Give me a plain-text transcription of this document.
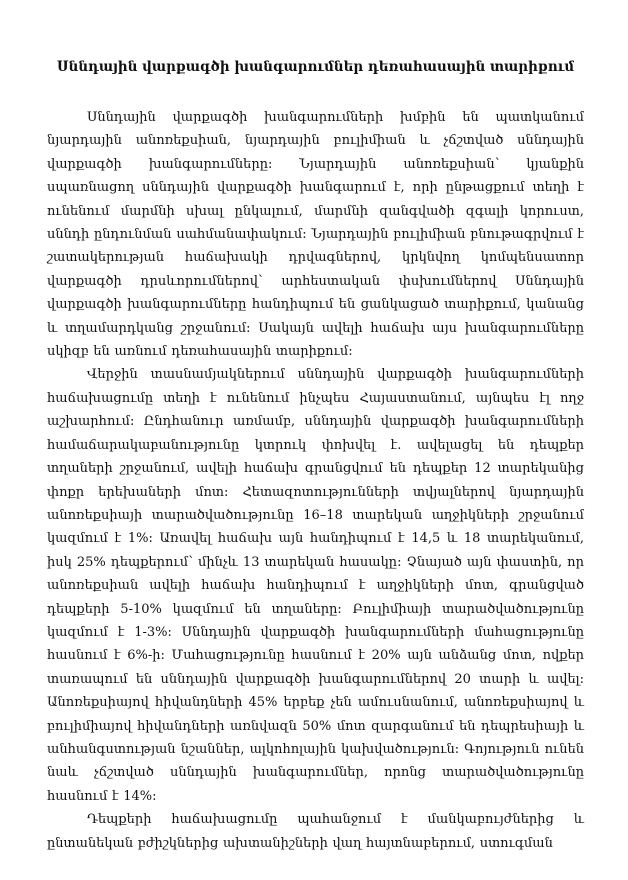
Սննդային վարքագծի խանգարումներ դեռահասային տարիքում

Սննդային վարքագծի խանգարումների խմբին են պատկանում նյարդային անոռեքսիան, նյարդային բուլիմիան և չճշտված սննդային վարքագծի խանգարումները: Նյարդային անոռեքսիան՝ կյանքին սպառնացող սննդային վարքագծի խանգարում է, որի ընթացքում տեղի է ունենում մարմնի սխալ ընկալում, մարմնի զանգվածի զգալի կորուստ, սննդի ընդունման սահմանափակում: Նյարդային բուլիմիան բնութագրվում է շատակերության հաճախակի դրվագներով, կրկնվող կոմպենսատոր վարքագծի դրսևորումներով՝ արհեստական փսխումներով Սննդային վարքագծի խանգարումները հանդիպում են ցանկացած տարիքում, կանանց և տղամարդկանց շրջանում: Սակայն ավելի հաճախ այս խանգարումները սկիզբ են առնում դեռահասային տարիքում:

Վերջին տասնամյակներում սննդային վարքագծի խանգարումների հաճախացումը տեղի է ունենում ինչպես Հայաստանում, այնպես էլ ողջ աշխարհում: Ընդհանուր առմամբ, սննդային վարքագծի խանգարումների համաճարակաբանությունը կտրուկ փոխվել է. ավելացել են դեպքեր տղաների շրջանում, ավելի հաճախ գրանցվում են դեպքեր 12 տարեկանից փոքր երեխաների մոտ: Հետազոտությունների տվյալներով նյարդային անոռեքսիայի տարածվածությունը 16–18 տարեկան աղջիկների շրջանում կազմում է 1%: Առավել հաճախ այն հանդիպում է 14,5 և 18 տարեկանում, իսկ 25% դեպքերում՝ մինչև 13 տարեկան հասակը: Չնայած այն փաստին, որ անոռեքսիան ավելի հաճախ հանդիպում է աղջիկների մոտ, գրանցված դեպքերի 5-10% կազմում են տղաները: Բուլիմիայի տարածվածությունը կազմում է 1-3%: Սննդային վարքագծի խանգարումների մահացությունը հասնում է 6%-ի: Մահացությունը հասնում է 20% այն անձանց մոտ, ովքեր տառապում են սննդային վարքագծի խանգարումներով 20 տարի և ավել: Անոռեքսիայով հիվանդների 45% երբեք չեն ամուսնանում, անոռեքսիայով և բուլիմիայով հիվանդների առնվազն 50% մոտ զարգանում են դեպրեսիայի և անհանգստության նշաններ, ալկոհոլային կախվածություն: Գոյություն ունեն նաև չճշտված սննդային խանգարումներ, որոնց տարածվածությունը հասնում է 14%:

Դեպքերի հաճախացումը պահանջում է մանկաբույժներից և ընտանեկան բժիշկներից ախտանիշների վաղ հայտնաբերում, ստուգման
